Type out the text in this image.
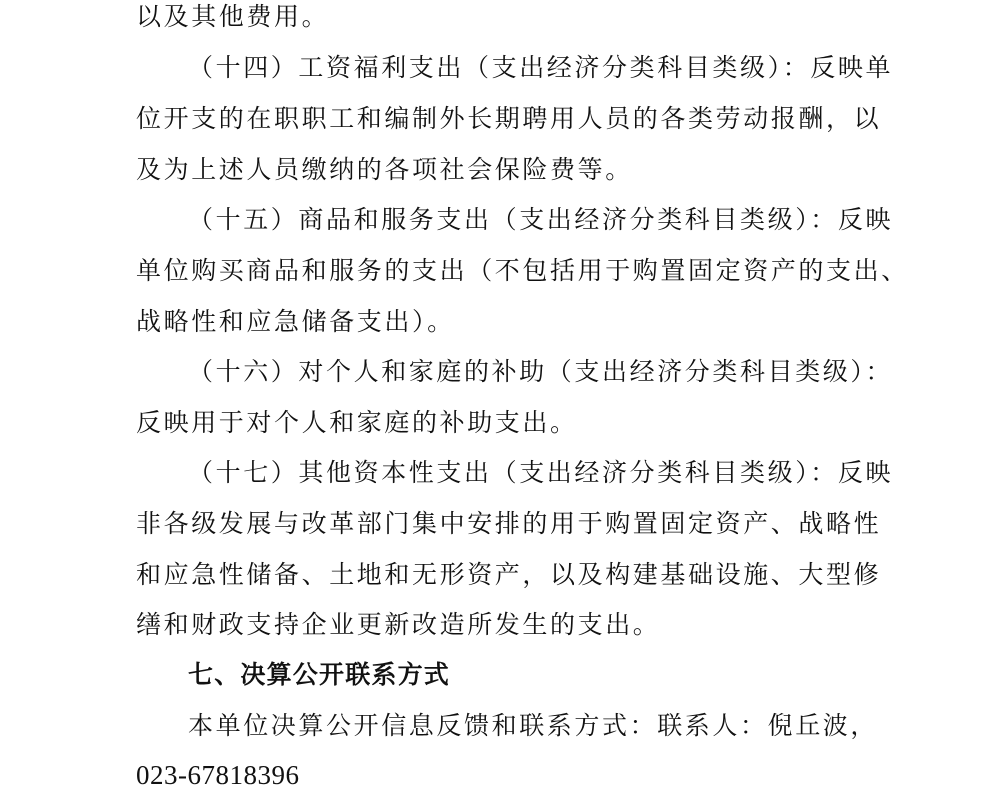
以及其他费用。

（十四）工资福利支出（支出经济分类科目类级）：反映单

位开支的在职职工和编制外长期聘用人员的各类劳动报酬，以

及为上述人员缴纳的各项社会保险费等。

（十五）商品和服务支出（支出经济分类科目类级）：反映

单位购买商品和服务的支出（不包括用于购置固定资产的支出、

战略性和应急储备支出）。

（十六）对个人和家庭的补助（支出经济分类科目类级）：

反映用于对个人和家庭的补助支出。

（十七）其他资本性支出（支出经济分类科目类级）：反映

非各级发展与改革部门集中安排的用于购置固定资产、战略性

和应急性储备、土地和无形资产，以及构建基础设施、大型修

缮和财政支持企业更新改造所发生的支出。

七、决算公开联系方式

本单位决算公开信息反馈和联系方式：联系人：倪丘波，

023-67818396
